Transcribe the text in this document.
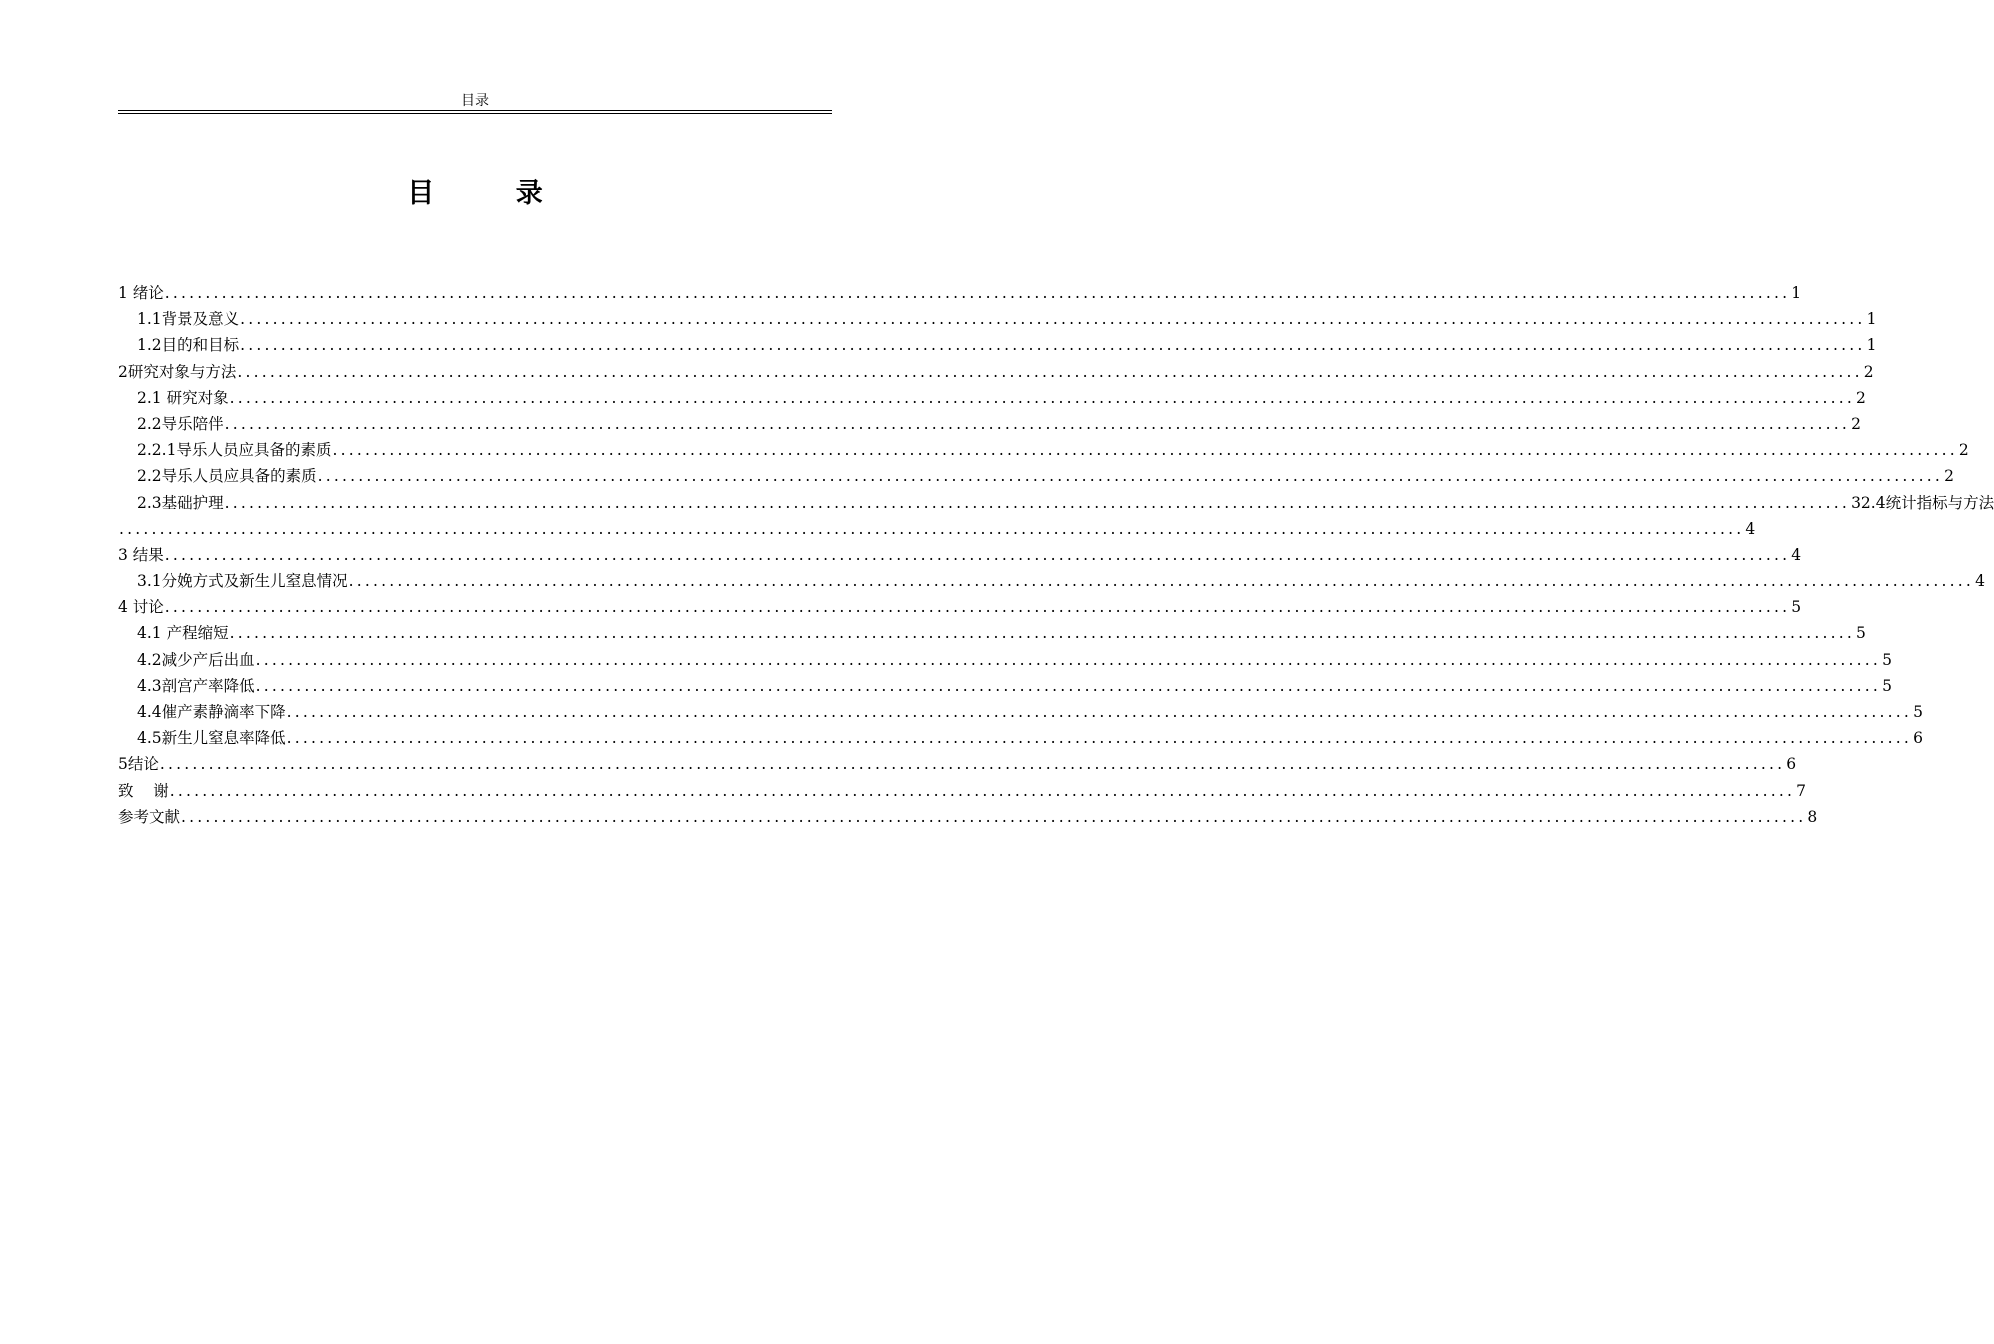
目录
目 录
1 绪论 ........................................................................................................................................................................................................ 1
1.1背景及意义 ........................................................................................................................................................................................................ 1
1.2目的和目标 ........................................................................................................................................................................................................ 1
2研究对象与方法 ........................................................................................................................................................................................................ 2
2.1 研究对象 ........................................................................................................................................................................................................ 2
2.2导乐陪伴 ........................................................................................................................................................................................................ 2
2.2.1导乐人员应具备的素质 ........................................................................................................................................................................................................ 2
2.2导乐人员应具备的素质 ........................................................................................................................................................................................................ 2
2.3基础护理 ........................................................................................................................................................................................................ 32.4统计指标与方法
........................................................................................................................................................................................................ 4
3 结果 ........................................................................................................................................................................................................ 4
3.1分娩方式及新生儿窒息情况 ........................................................................................................................................................................................................ 4
4 讨论 ........................................................................................................................................................................................................ 5
4.1 产程缩短 ........................................................................................................................................................................................................ 5
4.2减少产后出血 ........................................................................................................................................................................................................ 5
4.3剖宫产率降低 ........................................................................................................................................................................................................ 5
4.4催产素静滴率下降 ........................................................................................................................................................................................................ 5
4.5新生儿窒息率降低 ........................................................................................................................................................................................................ 6
5结论 ........................................................................................................................................................................................................ 6
致    谢 ........................................................................................................................................................................................................ 7
参考文献 ........................................................................................................................................................................................................ 8
